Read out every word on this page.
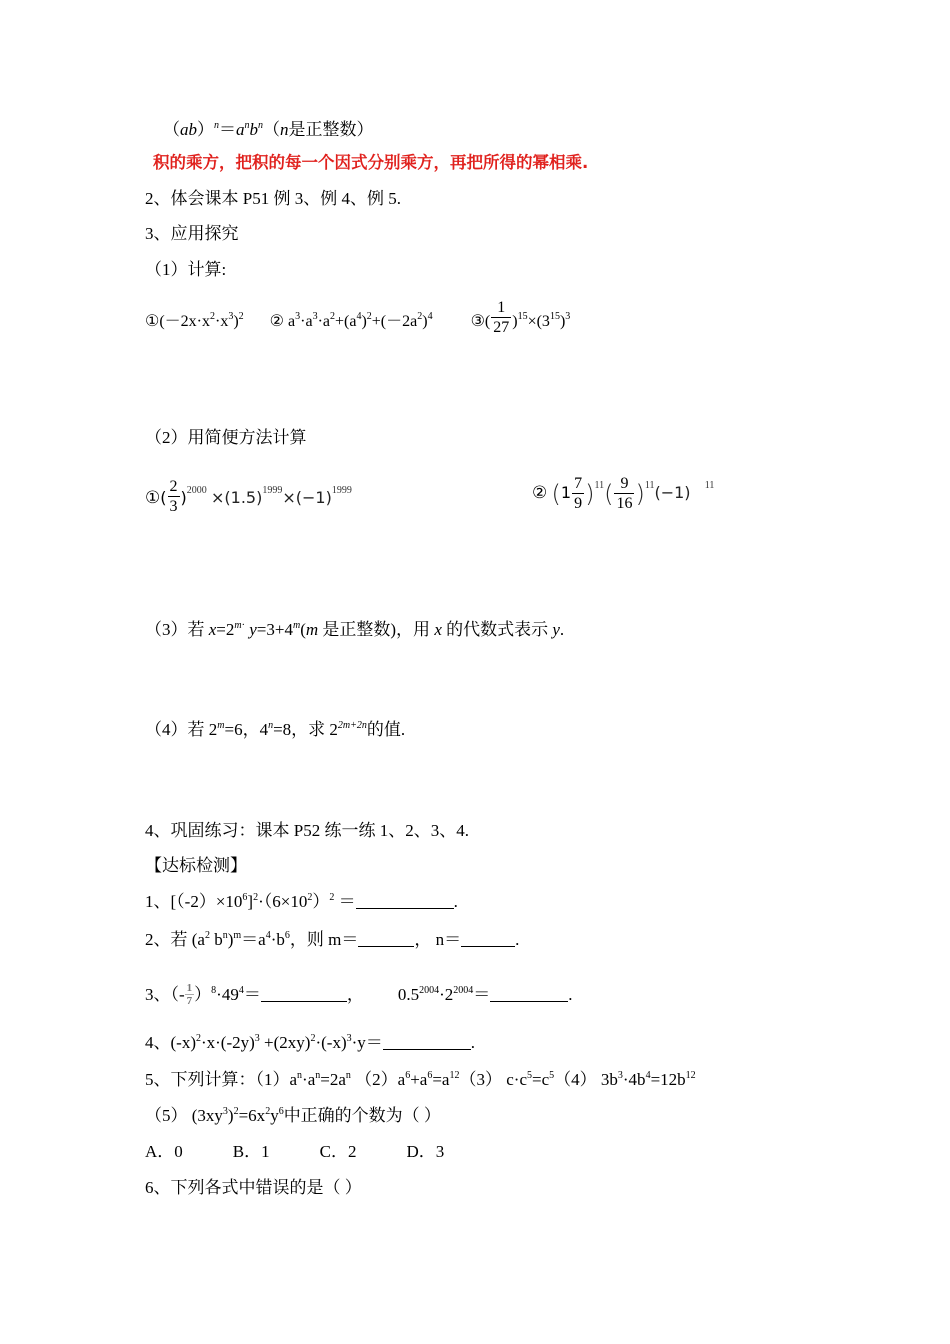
$(ab)^n=a^nb^n(n$是正整数）
积的乘方，把积的每一个因式分别乘方，再把所得的幂相乘.
2、体会课本 P51 例 3、例 4、例 5.
3、应用探究
（1）计算:
$①(-2x\cdot x^2\cdot x^3)^2$ ② $a^3\cdot a^3\cdot a^2+(a^4)^2+(-2a^2)^4$ ③( $\frac{1}{27} )^{15}\times(3^{15})^3$
（2）用简便方法计算
①( $\frac{2}{3} )^{2000} \times(1.5)^{1999}\times(-1)^{1999}$	② $(1 \frac{7}{9} )^{11}( \frac{9}{16} )^{11}(-1)$ $^{11}$
（3）若 $x=2^{m\cdot}$ $y=3+4^m(m$ 是正整数)，用 x 的代数式表示 y.
（4）若 $2^m=6$，$4^n=8$，求 $2^{2m+2n}$的值.
4、巩固练习：课本 P52 练一练 1、2、3、4.
【达标检测】
1、$[(-2)\times 10^6]^2\cdot(6\times 10^2)^2$ ＝	.
2、若 ($a^2$ $b^n)^m=a^4\cdot b^6$，则 m＝	， n＝	.
3、（- $\frac{1}{7} )^8\cdot 49^4=$	， $0.5^{2004}\cdot 2^{2004}=$	.
4、$(-x)^2\cdot x\cdot(-2y)^3 +(2xy)^2\cdot(-x)^3\cdot y=$	.
5、下列计算：$(1)a^n\cdot a^n=2a^n$ $(2)a^6+a^6=a^{12}(3)$ $c\cdot c^5=c^5(4)$ $3b^3\cdot 4b^4=12b^{12}$
（5） $(3xy^3)^2=6x^2y^6$中正确的个数为（ ）
A．0	B．1	C．2	D．3
6、下列各式中错误的是（ ）
